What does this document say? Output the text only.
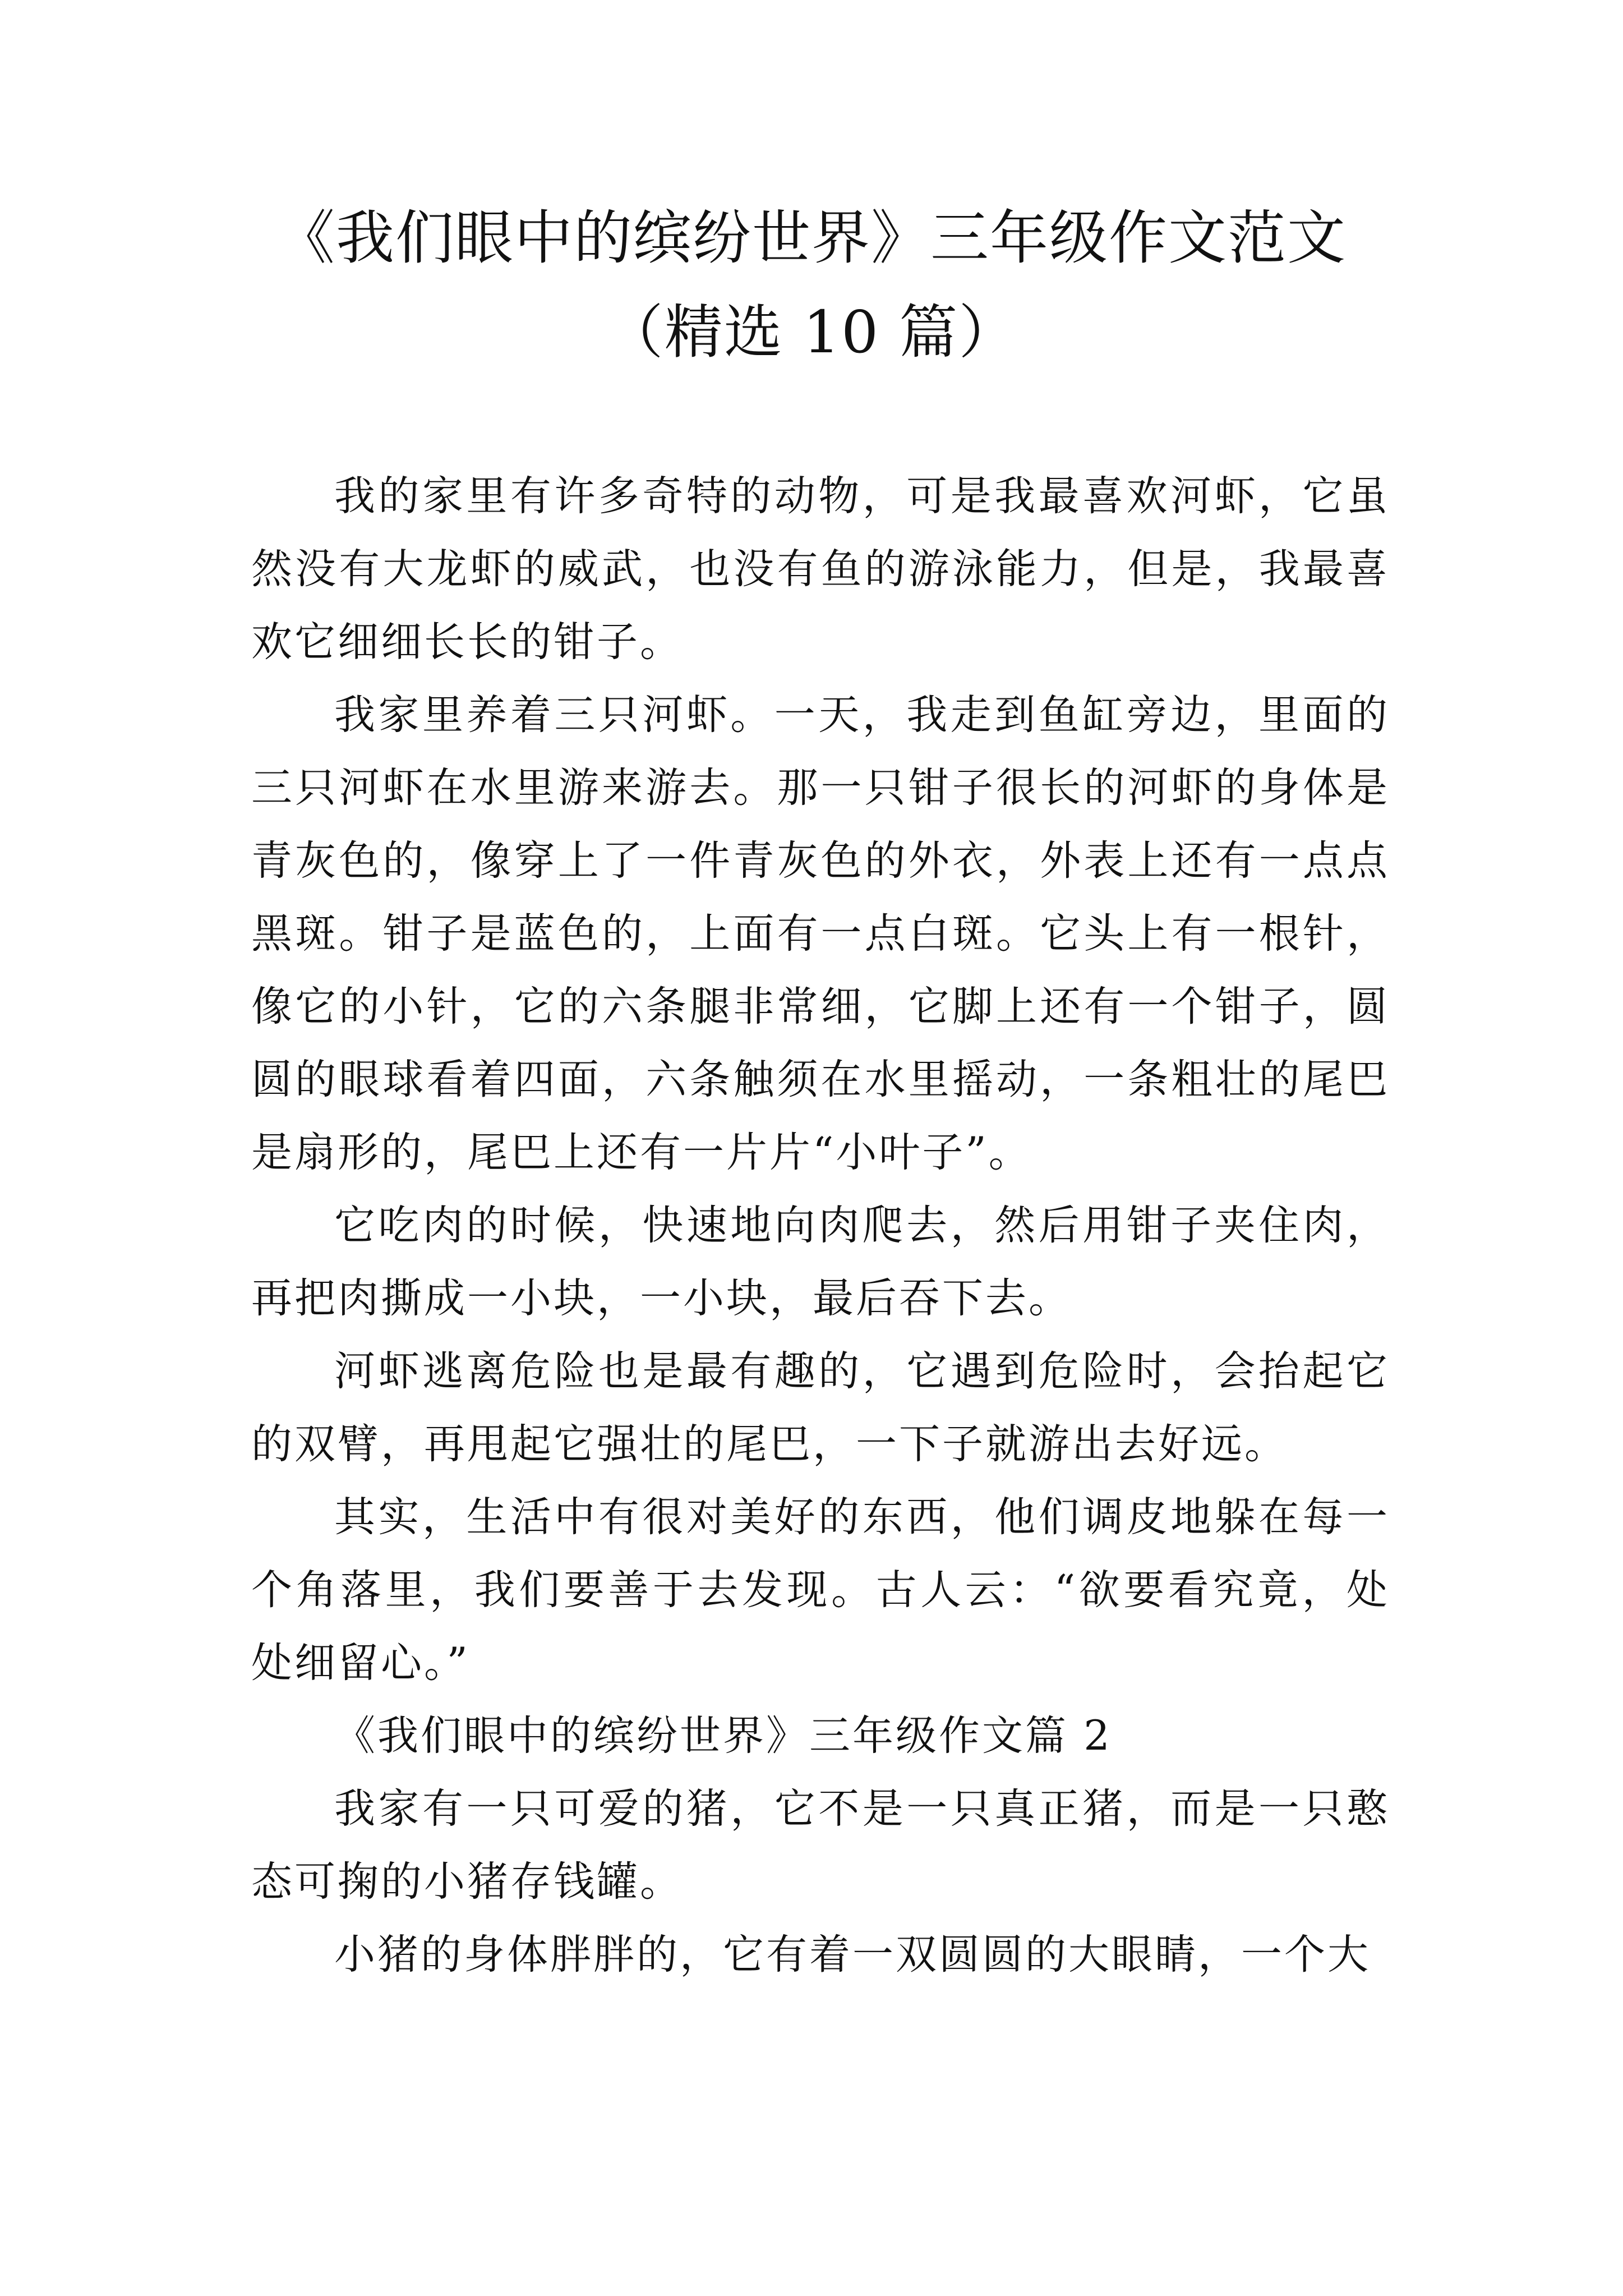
《我们眼中的缤纷世界》三年级作文范文
（精选 10 篇）

我的家里有许多奇特的动物，可是我最喜欢河虾，它虽然没有大龙虾的威武，也没有鱼的游泳能力，但是，我最喜欢它细细长长的钳子。

我家里养着三只河虾。一天，我走到鱼缸旁边，里面的三只河虾在水里游来游去。那一只钳子很长的河虾的身体是青灰色的，像穿上了一件青灰色的外衣，外表上还有一点点黑斑。钳子是蓝色的，上面有一点白斑。它头上有一根针，像它的小针，它的六条腿非常细，它脚上还有一个钳子，圆圆的眼球看着四面，六条触须在水里摇动，一条粗壮的尾巴是扇形的，尾巴上还有一片片“小叶子”。

它吃肉的时候，快速地向肉爬去，然后用钳子夹住肉，再把肉撕成一小块，一小块，最后吞下去。

河虾逃离危险也是最有趣的，它遇到危险时，会抬起它的双臂，再甩起它强壮的尾巴，一下子就游出去好远。

其实，生活中有很对美好的东西，他们调皮地躲在每一个角落里，我们要善于去发现。古人云：“欲要看究竟，处处细留心。”

《我们眼中的缤纷世界》三年级作文篇 2

我家有一只可爱的猪，它不是一只真正猪，而是一只憨态可掬的小猪存钱罐。

小猪的身体胖胖的，它有着一双圆圆的大眼睛，一个大
